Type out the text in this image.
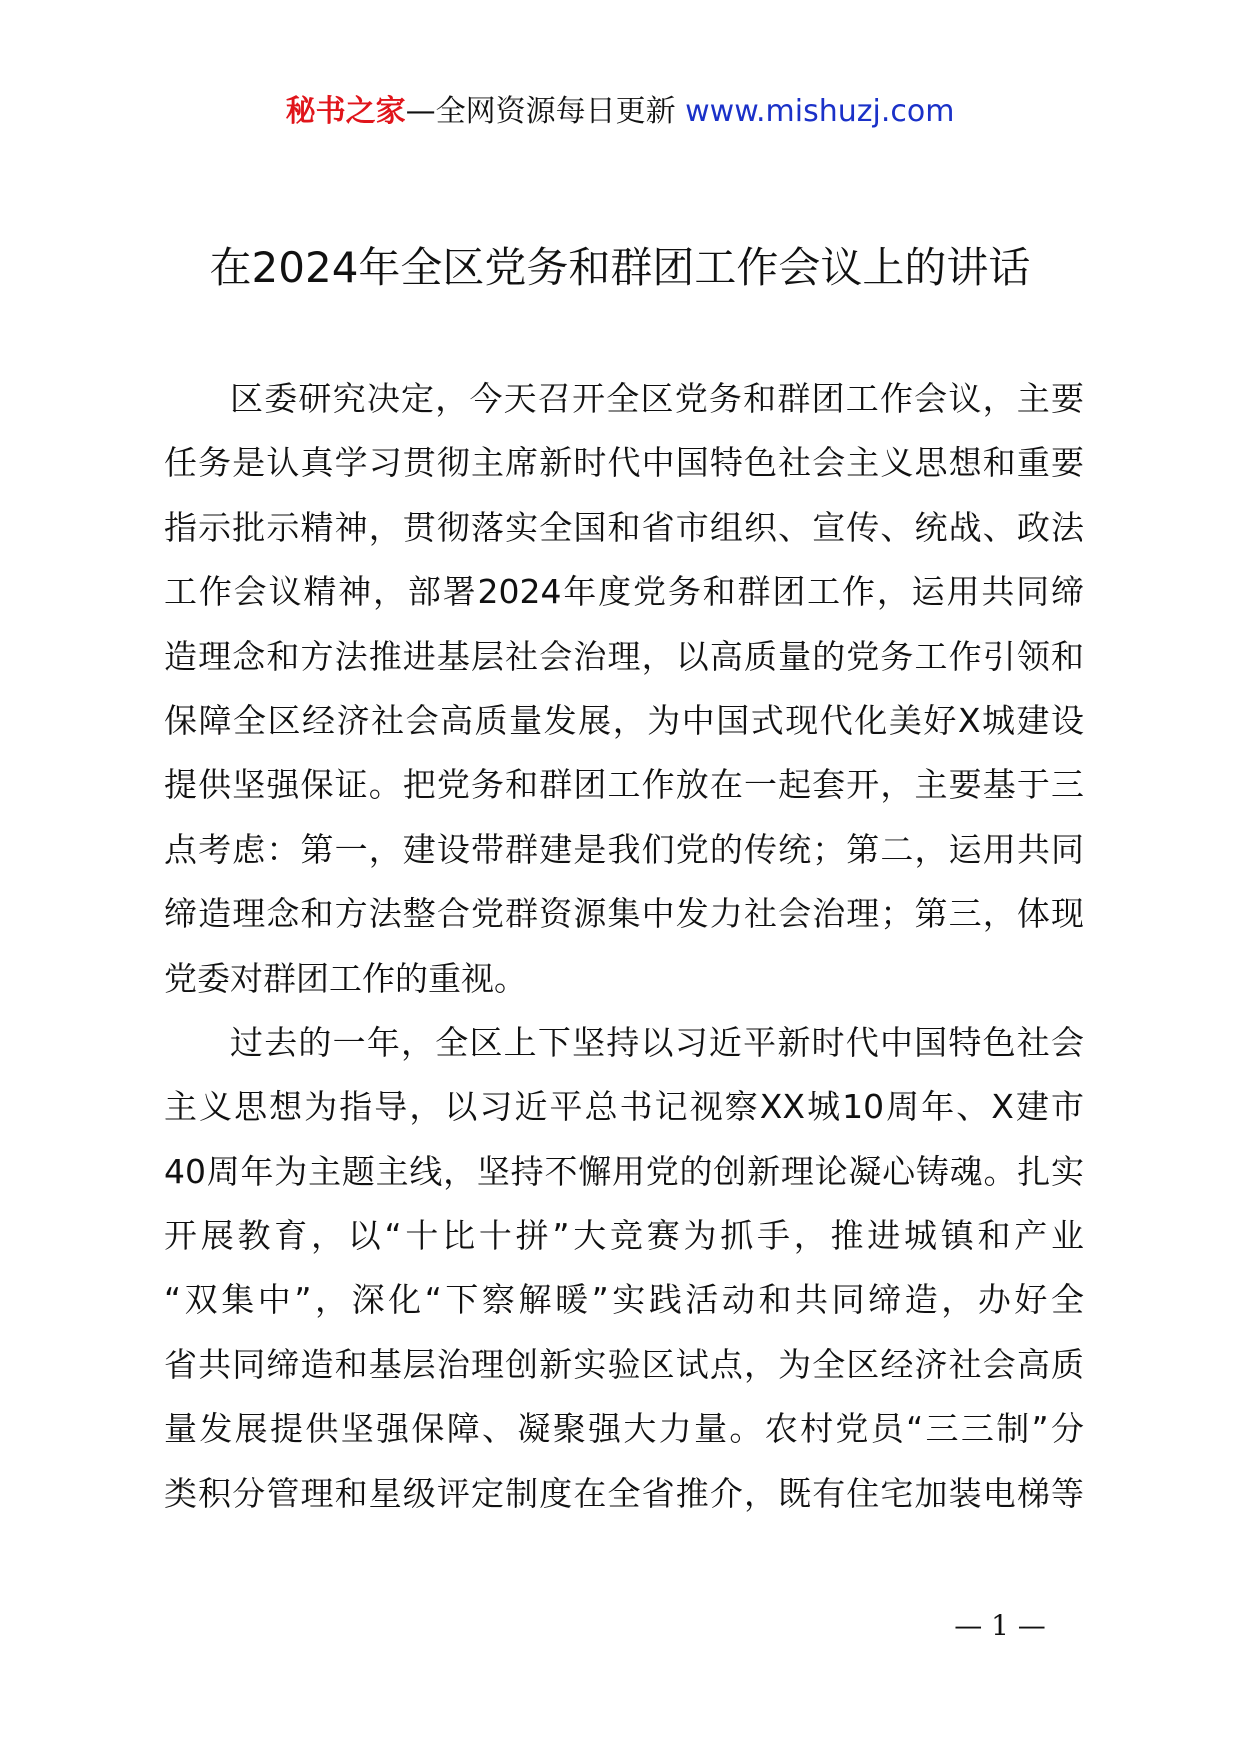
秘书之家—全网资源每日更新 www.mishuzj.com
在2024年全区党务和群团工作会议上的讲话

区委研究决定，今天召开全区党务和群团工作会议，主要
任务是认真学习贯彻主席新时代中国特色社会主义思想和重要
指示批示精神，贯彻落实全国和省市组织、宣传、统战、政法
工作会议精神，部署2024年度党务和群团工作，运用共同缔
造理念和方法推进基层社会治理，以高质量的党务工作引领和
保障全区经济社会高质量发展，为中国式现代化美好X城建设
提供坚强保证。把党务和群团工作放在一起套开，主要基于三
点考虑：第一，建设带群建是我们党的传统；第二，运用共同
缔造理念和方法整合党群资源集中发力社会治理；第三，体现
党委对群团工作的重视。

过去的一年，全区上下坚持以习近平新时代中国特色社会
主义思想为指导，以习近平总书记视察XX城10周年、X建市
40周年为主题主线，坚持不懈用党的创新理论凝心铸魂。扎实
开展教育，以“十比十拼”大竞赛为抓手，推进城镇和产业
“双集中”，深化“下察解暖”实践活动和共同缔造，办好全
省共同缔造和基层治理创新实验区试点，为全区经济社会高质
量发展提供坚强保障、凝聚强大力量。农村党员“三三制”分
类积分管理和星级评定制度在全省推介，既有住宅加装电梯等

— 1 —
